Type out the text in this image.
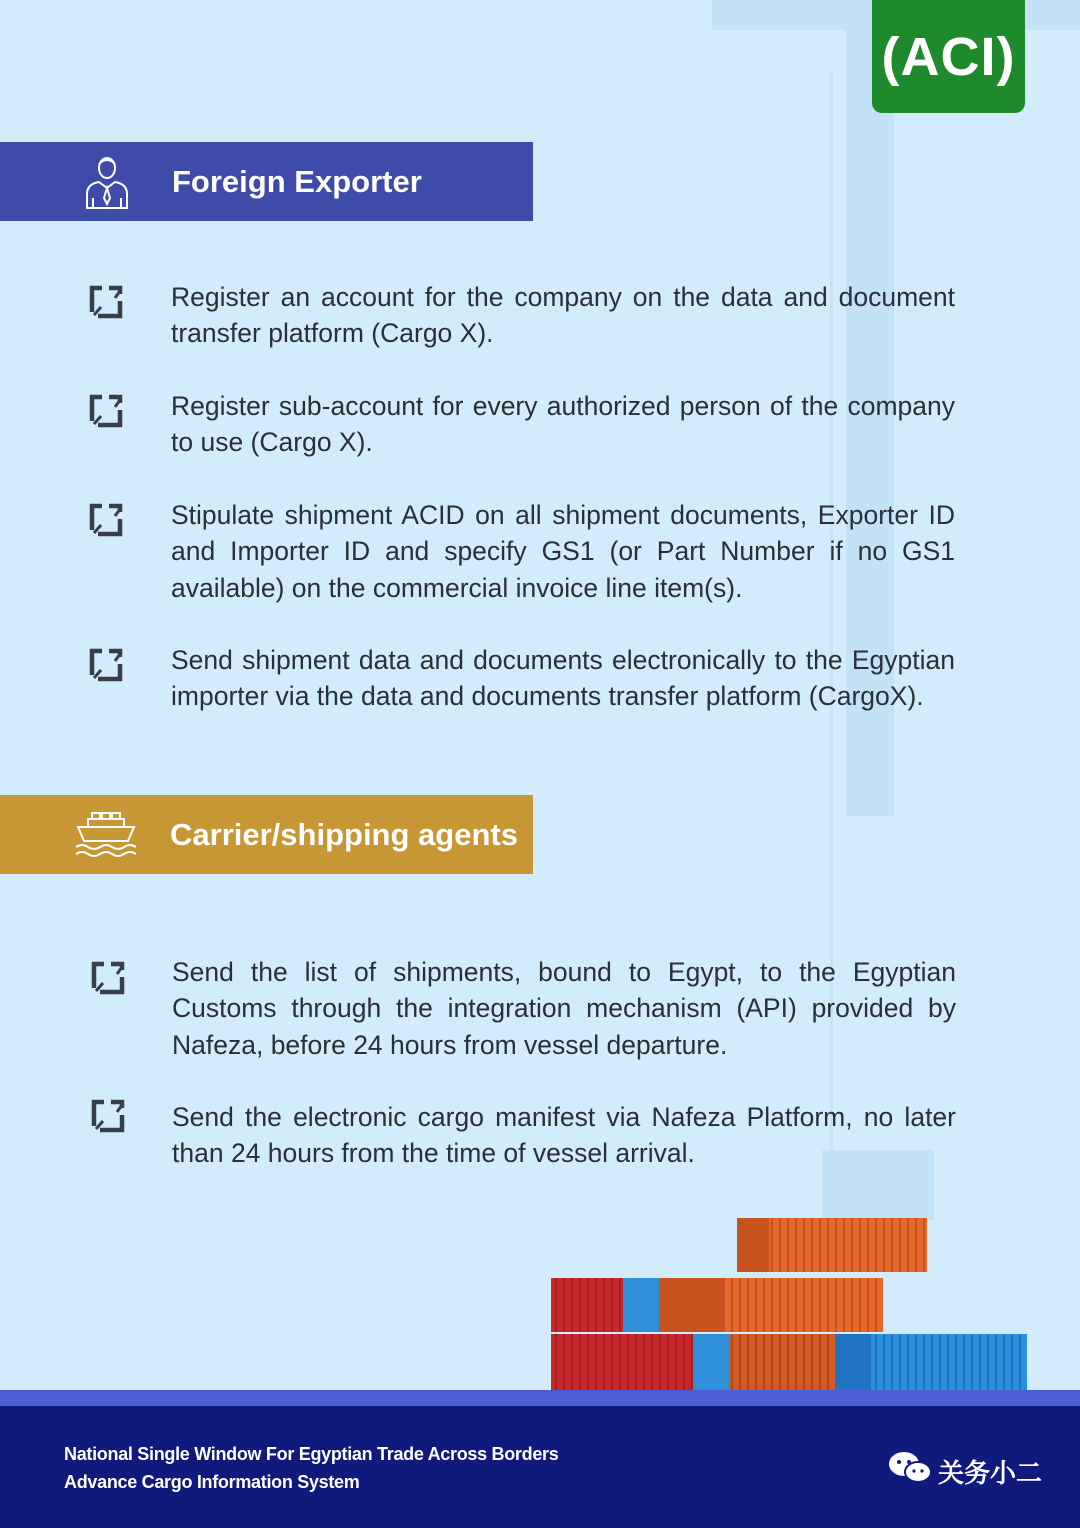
(ACI)
Foreign Exporter
Register an account for the company on the data and document transfer platform (Cargo X).
Register sub-account for every authorized person of the company to use (Cargo X).
Stipulate shipment ACID on all shipment documents, Exporter ID and Importer ID and specify GS1 (or Part Number if no GS1 available) on the commercial invoice line item(s).
Send shipment data and documents electronically to the Egyptian importer via the data and documents transfer platform (CargoX).
Carrier/shipping agents
Send the list of shipments, bound to Egypt, to the Egyptian Customs through the integration mechanism (API) provided by Nafeza, before 24 hours from vessel departure.
Send the electronic cargo manifest via Nafeza Platform, no later than 24 hours from the time of vessel arrival.
National Single Window For Egyptian Trade Across Borders
Advance Cargo Information System	关务小二
